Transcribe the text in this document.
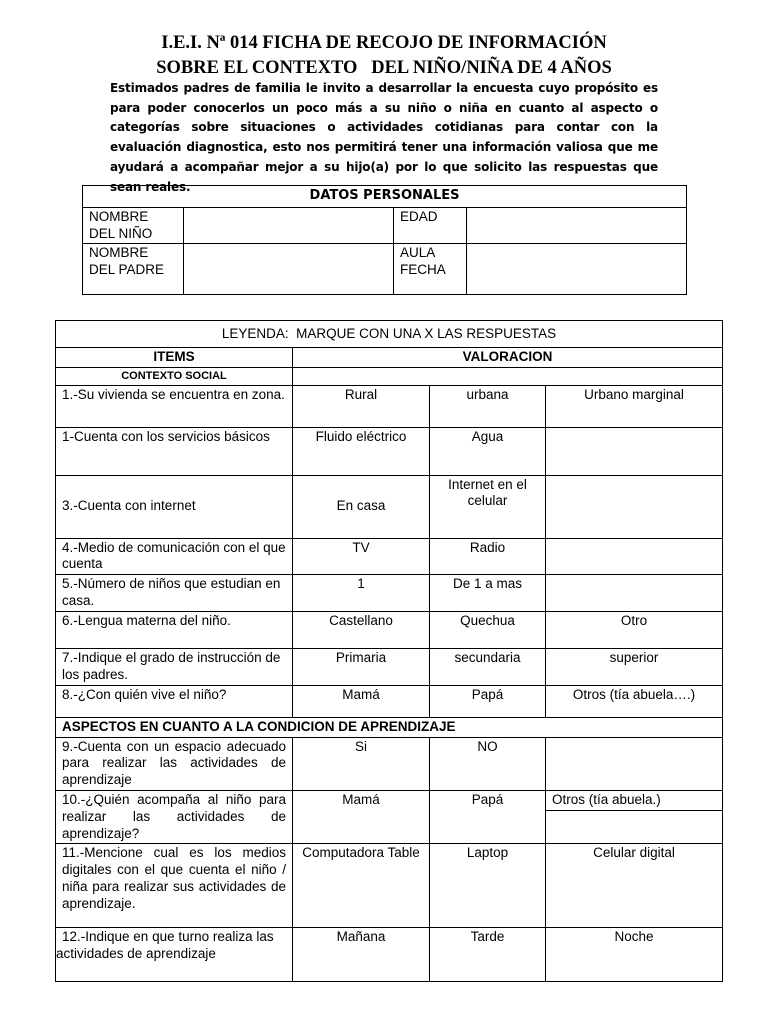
I.E.I. Nª 014 FICHA DE RECOJO DE INFORMACIÓN
SOBRE EL CONTEXTO   DEL NIÑO/NIÑA DE 4 AÑOS

Estimados padres de familia le invito a desarrollar la encuesta cuyo propósito es para poder conocerlos un poco más a su niño o niña en cuanto al aspecto o categorías sobre situaciones o actividades cotidianas para contar con la evaluación diagnostica, esto nos permitirá tener una información valiosa que me ayudará a acompañar mejor a su hijo(a) por lo que solicito las respuestas que sean reales.

DATOS PERSONALES			
NOMBRE DEL NIÑO		EDAD	
NOMBRE DEL PADRE		AULA
FECHA	

LEYENDA:  MARQUE CON UNA X LAS RESPUESTAS			
ITEMS	VALORACION		
CONTEXTO SOCIAL			
1.-Su vivienda se encuentra en zona.	Rural	urbana	Urbano marginal
1-Cuenta con los servicios básicos	Fluido eléctrico	Agua	
3.-Cuenta con internet	En casa	Internet en el celular	
4.-Medio de comunicación con el que cuenta	TV	Radio	
5.-Número de niños que estudian en casa.	1	De 1 a mas	
6.-Lengua materna del niño.	Castellano	Quechua	Otro
7.-Indique el grado de instrucción de los padres.	Primaria	secundaria	superior
8.-¿Con quién vive el niño?	Mamá	Papá	Otros (tía abuela….)
ASPECTOS EN CUANTO A LA CONDICION DE APRENDIZAJE			
9.-Cuenta con un espacio adecuado para realizar las actividades de aprendizaje	Si	NO	
10.-¿Quién acompaña al niño para realizar las actividades de aprendizaje?	Mamá	Papá	Otros (tía abuela.)

11.-Mencione cual es los medios digitales con el que cuenta el niño / niña para realizar sus actividades de aprendizaje.	Computadora Table	Laptop	Celular digital

12.-Indique en que turno realiza las
actividades de aprendizaje	Mañana	Tarde	Noche
